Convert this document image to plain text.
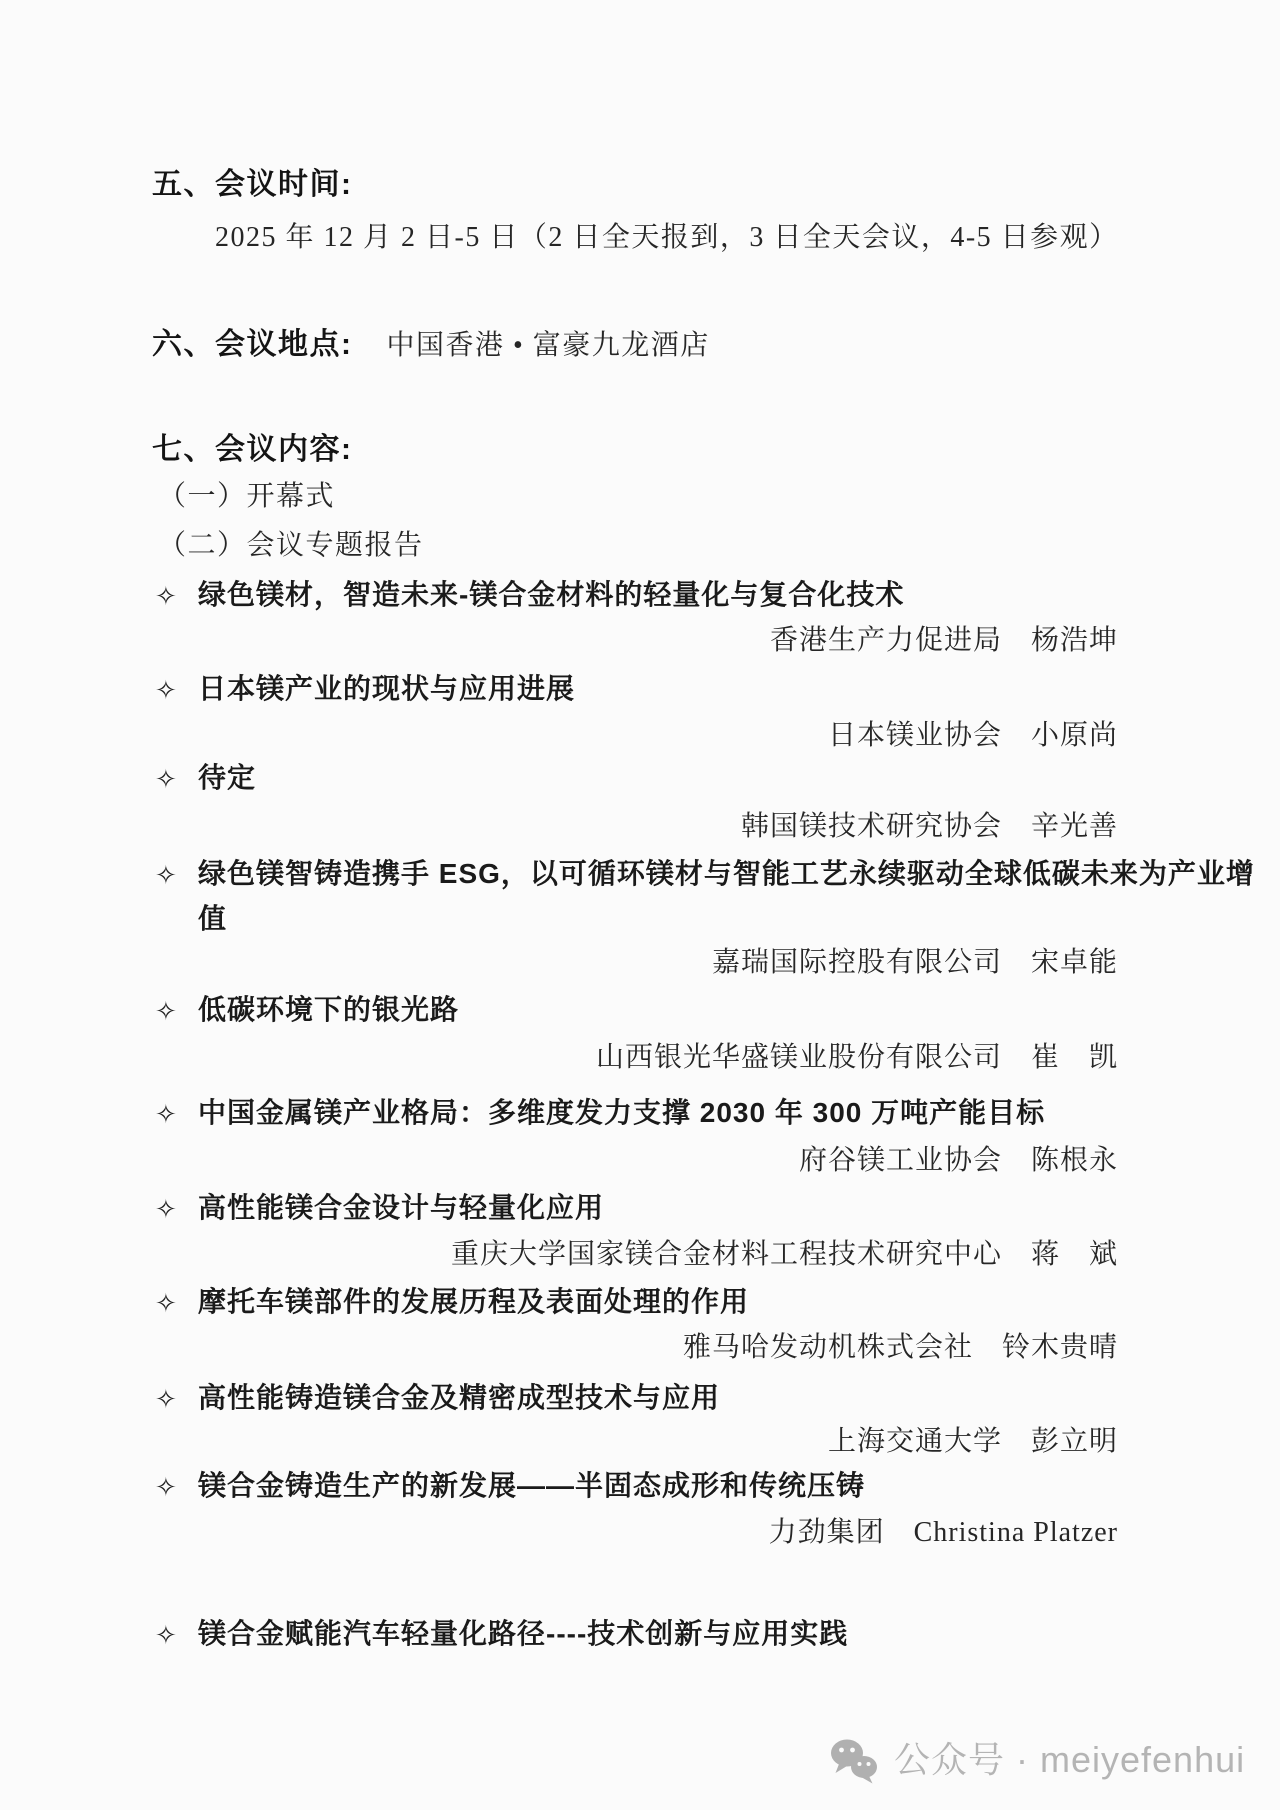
五、会议时间:
2025 年 12 月 2 日-5 日（2 日全天报到，3 日全天会议，4-5 日参观）
六、会议地点: 中国香港 • 富豪九龙酒店
七、会议内容:
（一）开幕式
（二）会议专题报告
✧ 绿色镁材，智造未来-镁合金材料的轻量化与复合化技术
香港生产力促进局　杨浩坤
✧ 日本镁产业的现状与应用进展
日本镁业协会　小原尚
✧ 待定
韩国镁技术研究协会　辛光善
✧ 绿色镁智铸造携手 ESG，以可循环镁材与智能工艺永续驱动全球低碳未来为产业增
值
嘉瑞国际控股有限公司　宋卓能
✧ 低碳环境下的银光路
山西银光华盛镁业股份有限公司　崔　凯
✧ 中国金属镁产业格局：多维度发力支撑 2030 年 300 万吨产能目标
府谷镁工业协会　陈根永
✧ 高性能镁合金设计与轻量化应用
重庆大学国家镁合金材料工程技术研究中心　蒋　斌
✧ 摩托车镁部件的发展历程及表面处理的作用
雅马哈发动机株式会社　铃木贵晴
✧ 高性能铸造镁合金及精密成型技术与应用
上海交通大学　彭立明
✧ 镁合金铸造生产的新发展——半固态成形和传统压铸
力劲集团　Christina Platzer
✧ 镁合金赋能汽车轻量化路径----技术创新与应用实践
公众号 · meiyefenhui
